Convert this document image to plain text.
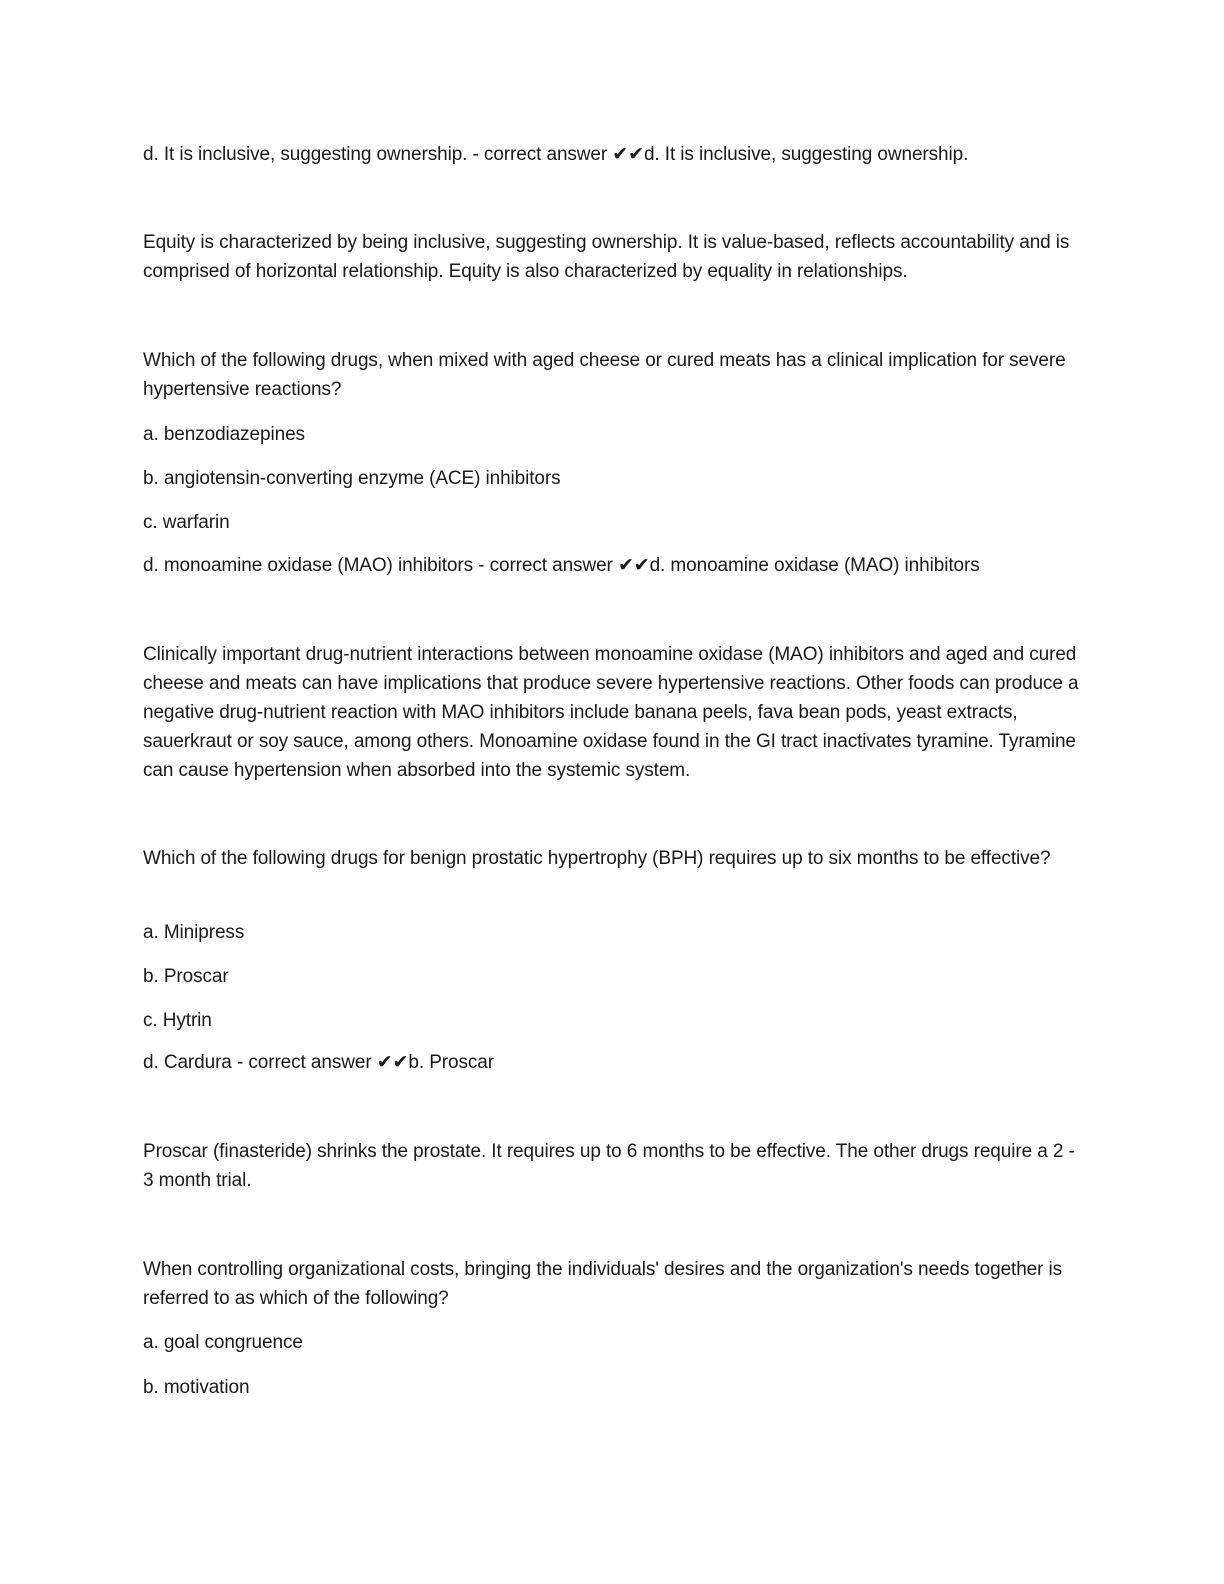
d. It is inclusive, suggesting ownership. - correct answer ✔✔d. It is inclusive, suggesting ownership.
Equity is characterized by being inclusive, suggesting ownership. It is value-based, reflects accountability and is comprised of horizontal relationship. Equity is also characterized by equality in relationships.
Which of the following drugs, when mixed with aged cheese or cured meats has a clinical implication for severe hypertensive reactions?
a. benzodiazepines
b. angiotensin-converting enzyme (ACE) inhibitors
c. warfarin
d. monoamine oxidase (MAO) inhibitors - correct answer ✔✔d. monoamine oxidase (MAO) inhibitors
Clinically important drug-nutrient interactions between monoamine oxidase (MAO) inhibitors and aged and cured cheese and meats can have implications that produce severe hypertensive reactions. Other foods can produce a negative drug-nutrient reaction with MAO inhibitors include banana peels, fava bean pods, yeast extracts, sauerkraut or soy sauce, among others. Monoamine oxidase found in the GI tract inactivates tyramine. Tyramine can cause hypertension when absorbed into the systemic system.
Which of the following drugs for benign prostatic hypertrophy (BPH) requires up to six months to be effective?
a. Minipress
b. Proscar
c. Hytrin
d. Cardura - correct answer ✔✔b. Proscar
Proscar (finasteride) shrinks the prostate. It requires up to 6 months to be effective. The other drugs require a 2 - 3 month trial.
When controlling organizational costs, bringing the individuals' desires and the organization's needs together is referred to as which of the following?
a. goal congruence
b. motivation
